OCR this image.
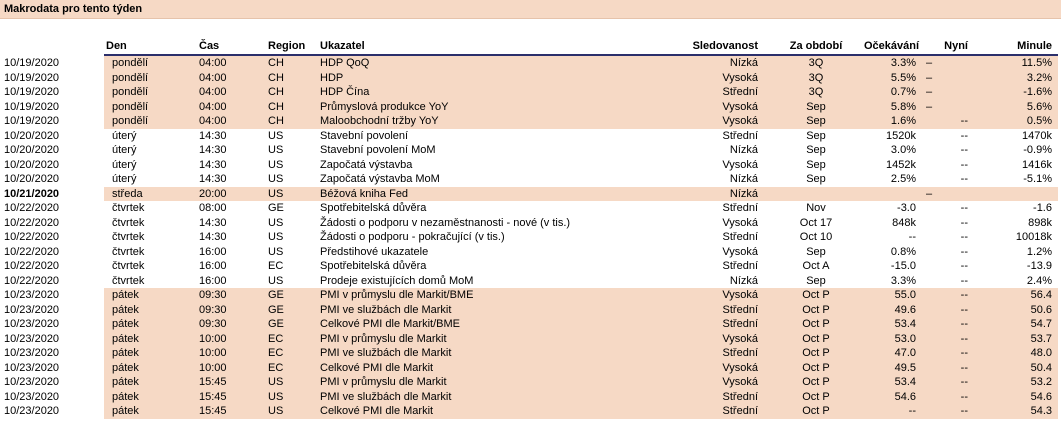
Makrodata pro tento týden
	Den	Čas	Region	Ukazatel	Sledovanost	Za období	Očekávání	Nyní	Minule
10/19/2020	pondělí	04:00	CH	HDP QoQ	Nízká	3Q	3.3%	–	11.5%
10/19/2020	pondělí	04:00	CH	HDP	Vysoká	3Q	5.5%	–	3.2%
10/19/2020	pondělí	04:00	CH	HDP Čína	Střední	3Q	0.7%	–	-1.6%
10/19/2020	pondělí	04:00	CH	Průmyslová produkce YoY	Vysoká	Sep	5.8%	–	5.6%
10/19/2020	pondělí	04:00	CH	Maloobchodní tržby YoY	Vysoká	Sep	1.6%	--	0.5%
10/20/2020	úterý	14:30	US	Stavební povolení	Střední	Sep	1520k	--	1470k
10/20/2020	úterý	14:30	US	Stavební povolení MoM	Nízká	Sep	3.0%	--	-0.9%
10/20/2020	úterý	14:30	US	Započatá výstavba	Vysoká	Sep	1452k	--	1416k
10/20/2020	úterý	14:30	US	Započatá výstavba MoM	Nízká	Sep	2.5%	--	-5.1%
10/21/2020	středa	20:00	US	Béžová kniha Fed	Nízká			–	
10/22/2020	čtvrtek	08:00	GE	Spotřebitelská důvěra	Střední	Nov	-3.0	--	-1.6
10/22/2020	čtvrtek	14:30	US	Žádosti o podporu v nezaměstnanosti - nové (v tis.)	Vysoká	Oct 17	848k	--	898k
10/22/2020	čtvrtek	14:30	US	Žádosti o podporu - pokračující (v tis.)	Střední	Oct 10	--	--	10018k
10/22/2020	čtvrtek	16:00	US	Předstihové ukazatele	Vysoká	Sep	0.8%	--	1.2%
10/22/2020	čtvrtek	16:00	EC	Spotřebitelská důvěra	Střední	Oct A	-15.0	--	-13.9
10/22/2020	čtvrtek	16:00	US	Prodeje existujících domů MoM	Nízká	Sep	3.3%	--	2.4%
10/23/2020	pátek	09:30	GE	PMI v průmyslu dle Markit/BME	Vysoká	Oct P	55.0	--	56.4
10/23/2020	pátek	09:30	GE	PMI ve službách dle Markit	Střední	Oct P	49.6	--	50.6
10/23/2020	pátek	09:30	GE	Celkové PMI dle Markit/BME	Střední	Oct P	53.4	--	54.7
10/23/2020	pátek	10:00	EC	PMI v průmyslu dle Markit	Vysoká	Oct P	53.0	--	53.7
10/23/2020	pátek	10:00	EC	PMI ve službách dle Markit	Střední	Oct P	47.0	--	48.0
10/23/2020	pátek	10:00	EC	Celkové PMI dle Markit	Vysoká	Oct P	49.5	--	50.4
10/23/2020	pátek	15:45	US	PMI v průmyslu dle Markit	Vysoká	Oct P	53.4	--	53.2
10/23/2020	pátek	15:45	US	PMI ve službách dle Markit	Střední	Oct P	54.6	--	54.6
10/23/2020	pátek	15:45	US	Celkové PMI dle Markit	Střední	Oct P	--	--	54.3
